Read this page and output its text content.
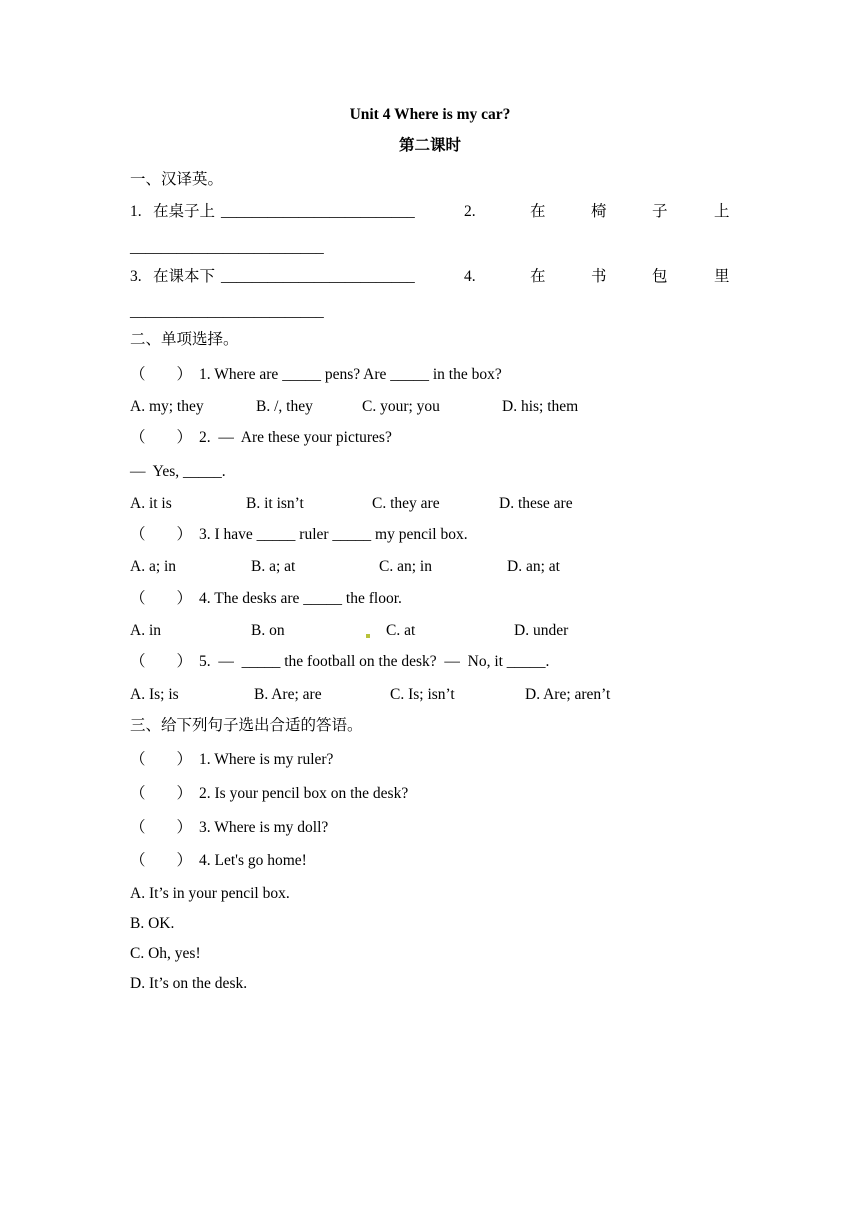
Unit 4 Where is my car?
第二课时
一、汉译英。
1. 在桌子上 _________________________	2.	在	椅	子	上
_________________________
3. 在课本下 _________________________	4.	在	书	包	里
_________________________
二、单项选择。
（        ） 1. Where are _____ pens? Are _____ in the box?
A. my; they	B. /, they	C. your; you	D. his; them
（        ） 2.  —  Are these your pictures?
—  Yes, _____.
A. it is	B. it isn’t	C. they are	D. these are
（        ） 3. I have _____ ruler _____ my pencil box.
A. a; in	B. a; at	C. an; in	D. an; at
（        ） 4. The desks are _____ the floor.
A. in	B. on	C. at	D. under
（        ） 5.  —  _____ the football on the desk?  —  No, it _____.
A. Is; is	B. Are; are	C. Is; isn’t	D. Are; aren’t
三、给下列句子选出合适的答语。
（        ） 1. Where is my ruler?
（        ） 2. Is your pencil box on the desk?
（        ） 3. Where is my doll?
（        ） 4. Let's go home!
A. It’s in your pencil box.
B. OK.
C. Oh, yes!
D. It’s on the desk.
